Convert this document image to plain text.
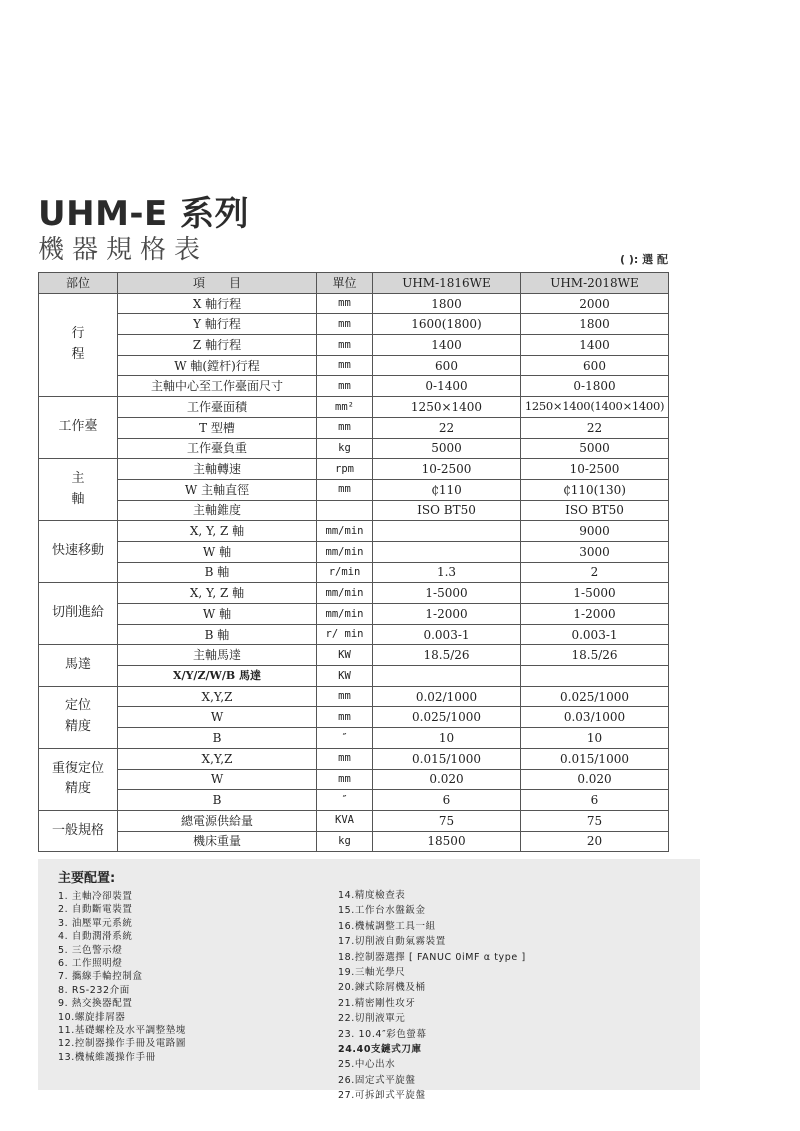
UHM-E 系列
機器規格表	( ): 選 配
部位	項　　目	單位	UHM-1816WE	UHM-2018WE
行
程	X 軸行程	mm	1800	2000
	Y 軸行程	mm	1600(1800)	1800
	Z 軸行程	mm	1400	1400
	W 軸(鏜杆)行程	mm	600	600
	主軸中心至工作臺面尺寸	mm	0-1400	0-1800
工作臺	工作臺面積	mm²	1250×1400	1250×1400(1400×1400)
	T 型槽	mm	22	22
	工作臺負重	kg	5000	5000
主
軸	主軸轉速	rpm	10-2500	10-2500
	W 主軸直徑	mm	₵110	₵110(130)
	主軸錐度		ISO BT50	ISO BT50
快速移動	X, Y, Z 軸	mm/min		9000
	W 軸	mm/min		3000
	B 軸	r/min	1.3	2
切削進給	X, Y, Z 軸	mm/min	1-5000	1-5000
	W 軸	mm/min	1-2000	1-2000
	B 軸	r/ min	0.003-1	0.003-1
馬達	主軸馬達	KW	18.5/26	18.5/26
	X/Y/Z/W/B 馬達	KW		
定位
精度	X,Y,Z	mm	0.02/1000	0.025/1000
	W	mm	0.025/1000	0.03/1000
	B	″	10	10
重復定位
精度	X,Y,Z	mm	0.015/1000	0.015/1000
	W	mm	0.020	0.020
	B	″	6	6
一般規格	總電源供給量	KVA	75	75
	機床重量	kg	18500	20
主要配置:
1. 主軸冷卻裝置
2. 自動斷電裝置
3. 油壓單元系統
4. 自動潤滑系統
5. 三色警示燈
6. 工作照明燈
7. 攜線手輪控制盒
8. RS-232介面
9. 熱交換器配置
10.螺旋排屑器
11.基礎螺栓及水平調整墊塊
12.控制器操作手冊及電路圖
13.機械維護操作手冊
14.精度檢查表
15.工作台水盤鈑金
16.機械調整工具一組
17.切削液自動氣霧裝置
18.控制器選擇 [ FANUC 0iMF α type ]
19.三軸光學尺
20.鍊式除屑機及桶
21.精密剛性攻牙
22.切削液單元
23. 10.4″彩色螢幕
24.40支鏈式刀庫
25.中心出水
26.固定式平旋盤
27.可拆卸式平旋盤
